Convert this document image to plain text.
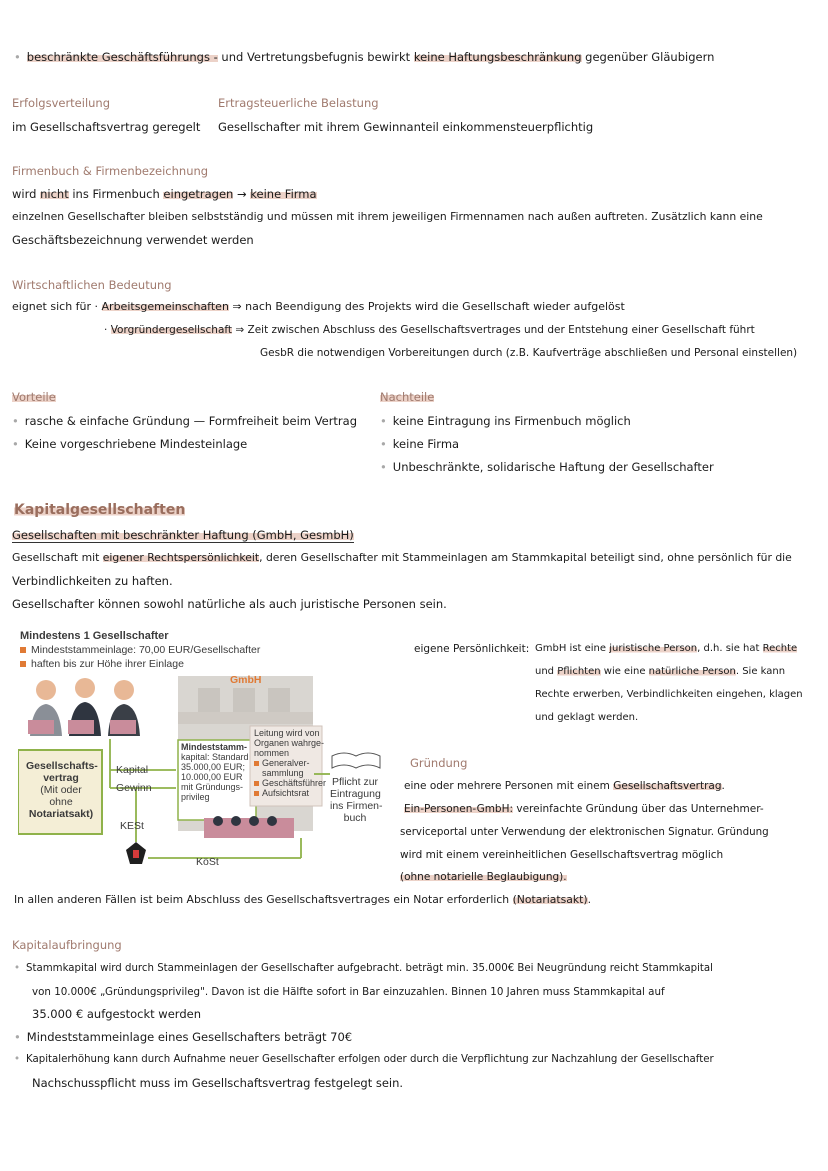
• beschränkte Geschäftsführungs - und Vertretungsbefugnis bewirkt keine Haftungsbeschränkung gegenüber Gläubigern
Erfolgsverteilung
im Gesellschaftsvertrag geregelt
Ertragsteuerliche Belastung
Gesellschafter mit ihrem Gewinnanteil einkommensteuerpflichtig
Firmenbuch & Firmenbezeichnung
wird nicht ins Firmenbuch eingetragen → keine Firma
einzelnen Gesellschafter bleiben selbstständig und müssen mit ihrem jeweiligen Firmennamen nach außen auftreten. Zusätzlich kann eine
Geschäftsbezeichnung verwendet werden
Wirtschaftlichen Bedeutung
eignet sich für · Arbeitsgemeinschaften ⇒ nach Beendigung des Projekts wird die Gesellschaft wieder aufgelöst
· Vorgründergesellschaft ⇒ Zeit zwischen Abschluss des Gesellschaftsvertrages und der Entstehung einer Gesellschaft führt
GesbR die notwendigen Vorbereitungen durch (z.B. Kaufverträge abschließen und Personal einstellen)
Vorteile
• rasche & einfache Gründung — Formfreiheit beim Vertrag
• Keine vorgeschriebene Mindesteinlage
Nachteile
• keine Eintragung ins Firmenbuch möglich
• keine Firma
• Unbeschränkte, solidarische Haftung der Gesellschafter
Kapitalgesellschaften
Gesellschaften mit beschränkter Haftung (GmbH, GesmbH)
Gesellschaft mit eigener Rechtspersönlichkeit, deren Gesellschafter mit Stammeinlagen am Stammkapital beteiligt sind, ohne persönlich für die
Verbindlichkeiten zu haften.
Gesellschafter können sowohl natürliche als auch juristische Personen sein.
Mindestens 1 Gesellschafter
Mindeststammeinlage: 70,00 EUR/Gesellschafter
haften bis zur Höhe ihrer Einlage
GmbH
Gesellschafts-
vertrag
(Mit oder
ohne
Notariatsakt)
Kapital
Gewinn
KESt
KöSt
Mindeststamm-
kapital: Standard
35.000,00 EUR;
10.000,00 EUR
mit Gründungs-
privileg
Leitung wird von
Organen wahrge-
nommen
Generalver-
sammlung
Geschäftsführer
Aufsichtsrat
Pflicht zur
Eintragung
ins Firmen-
buch
eigene Persönlichkeit: GmbH ist eine juristische Person, d.h. sie hat Rechte
und Pflichten wie eine natürliche Person. Sie kann
Rechte erwerben, Verbindlichkeiten eingehen, klagen
und geklagt werden.
Gründung
eine oder mehrere Personen mit einem Gesellschaftsvertrag.
Ein-Personen-GmbH: vereinfachte Gründung über das Unternehmer-
serviceportal unter Verwendung der elektronischen Signatur. Gründung
wird mit einem vereinheitlichen Gesellschaftsvertrag möglich
(ohne notarielle Beglaubigung).
In allen anderen Fällen ist beim Abschluss des Gesellschaftsvertrages ein Notar erforderlich (Notariatsakt).
Kapitalaufbringung
• Stammkapital wird durch Stammeinlagen der Gesellschafter aufgebracht. beträgt min. 35.000€ Bei Neugründung reicht Stammkapital
von 10.000€ „Gründungsprivileg". Davon ist die Hälfte sofort in Bar einzuzahlen. Binnen 10 Jahren muss Stammkapital auf
35.000 € aufgestockt werden
• Mindeststammeinlage eines Gesellschafters beträgt 70€
• Kapitalerhöhung kann durch Aufnahme neuer Gesellschafter erfolgen oder durch die Verpflichtung zur Nachzahlung der Gesellschafter
Nachschusspflicht muss im Gesellschaftsvertrag festgelegt sein.
